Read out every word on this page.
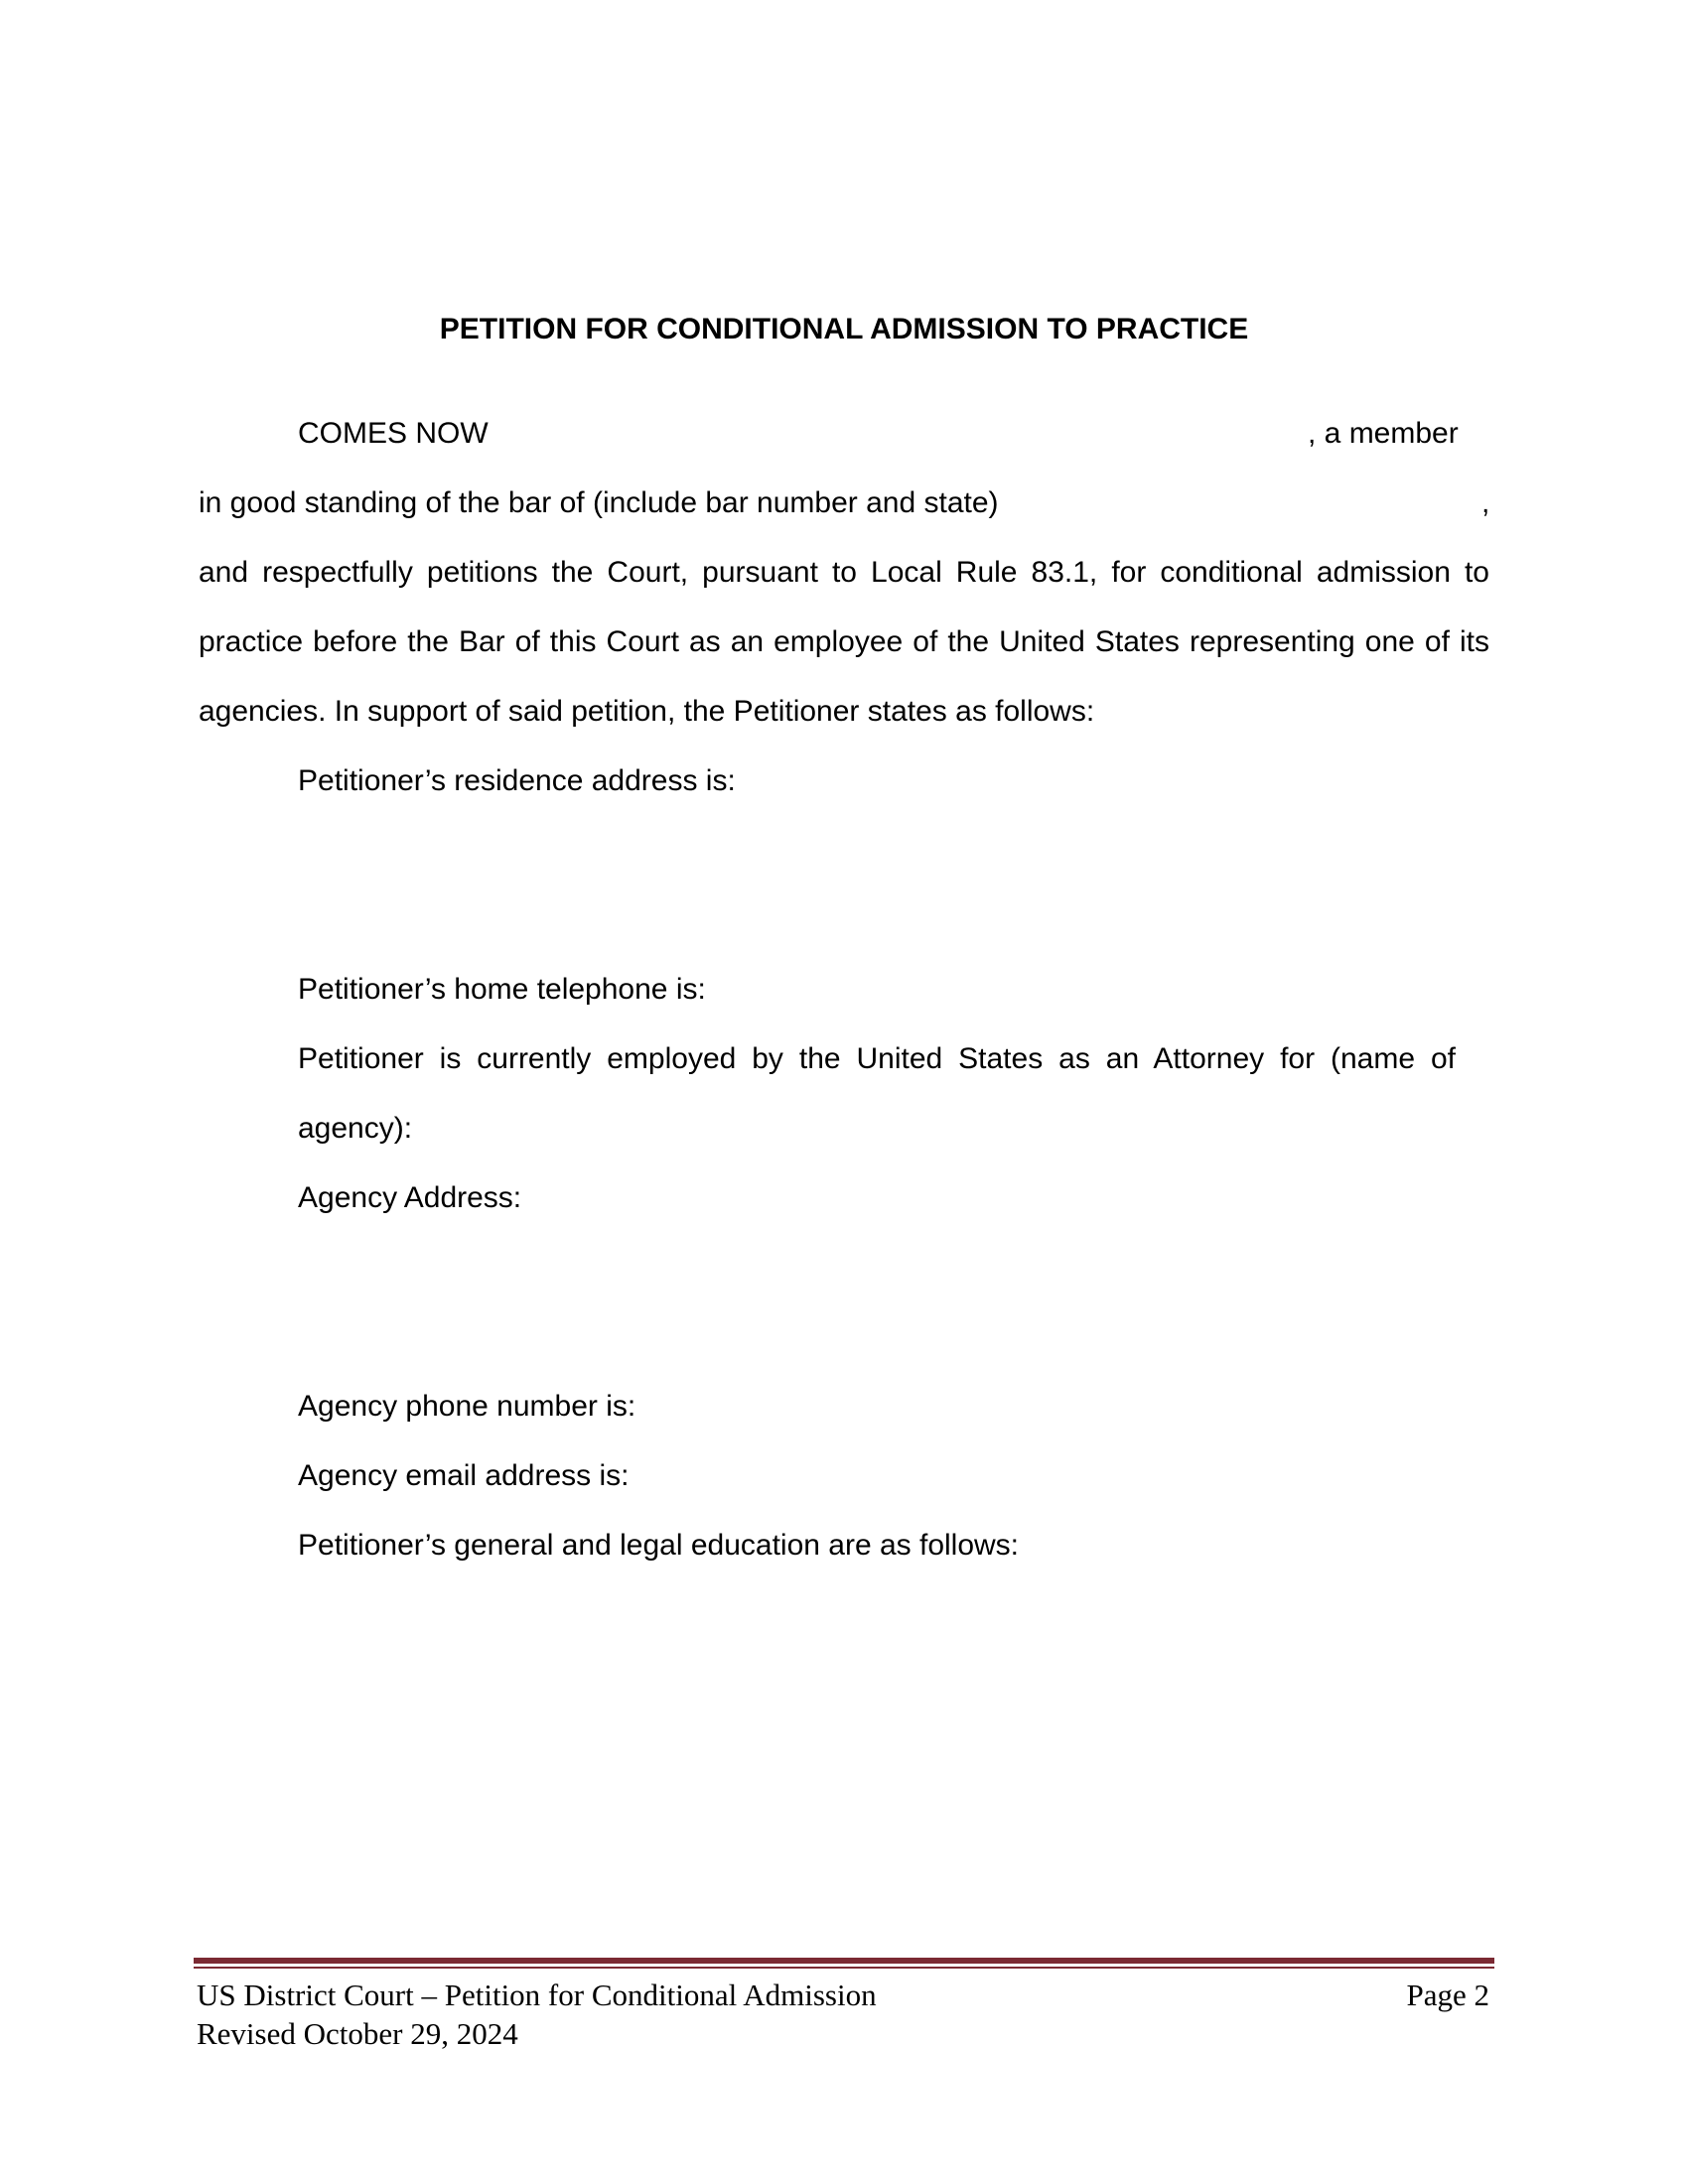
PETITION FOR CONDITIONAL ADMISSION TO PRACTICE
COMES NOW	, a member
in good standing of the bar of (include bar number and state)	,
and respectfully petitions the Court, pursuant to Local Rule 83.1, for conditional admission to
practice before the Bar of this Court as an employee of the United States representing one of its
agencies. In support of said petition, the Petitioner states as follows:
Petitioner’s residence address is:
Petitioner’s home telephone is:
Petitioner is currently employed by the United States as an Attorney for (name of
agency):
Agency Address:
Agency phone number is:
Agency email address is:
Petitioner’s general and legal education are as follows:
US District Court – Petition for Conditional Admission	Page 2
Revised October 29, 2024
